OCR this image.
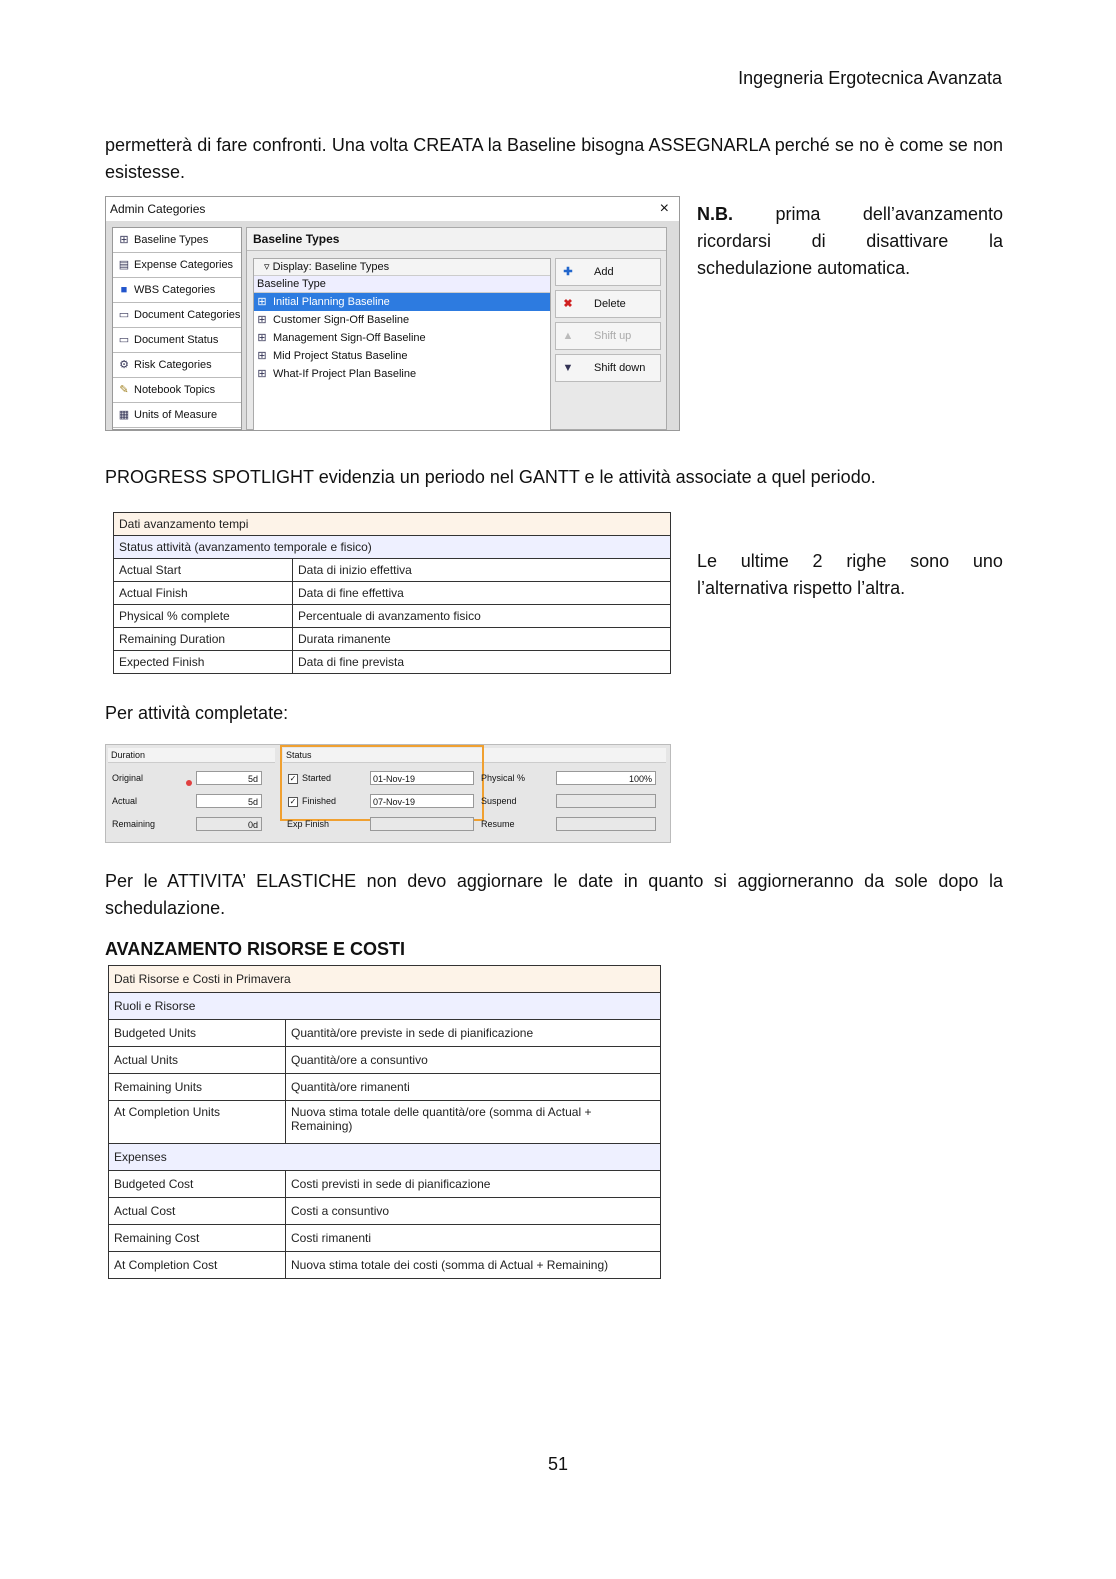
Ingegneria Ergotecnica Avanzata
permetterà di fare confronti. Una volta CREATA la Baseline bisogna ASSEGNARLA perché se no è come se non esistesse.
Admin Categories	×
⊞ Baseline Types
▤ Expense Categories
■ WBS Categories
▭ Document Categories
▭ Document Status
⚙ Risk Categories
✎ Notebook Topics
▦ Units of Measure
Baseline Types
▿ Display: Baseline Types
Baseline Type
⊞ Initial Planning Baseline
⊞ Customer Sign-Off Baseline
⊞ Management Sign-Off Baseline
⊞ Mid Project Status Baseline
⊞ What-If Project Plan Baseline
✚ Add
✖ Delete
▲ Shift up
▼ Shift down
N.B. prima dell’avanzamento
ricordarsi di disattivare la
schedulazione automatica.
PROGRESS SPOTLIGHT evidenzia un periodo nel GANTT e le attività associate a quel periodo.
Dati avanzamento tempi	
Status attività (avanzamento temporale e fisico)	
Actual Start	Data di inizio effettiva
Actual Finish	Data di fine effettiva
Physical % complete	Percentuale di avanzamento fisico
Remaining Duration	Durata rimanente
Expected Finish	Data di fine prevista
Le ultime 2 righe sono uno
l’alternativa rispetto l’altra.
Per attività completate:
Duration	Status
Original	5d
Actual	5d
Remaining	0d
✓ Started	01-Nov-19
✓ Finished	07-Nov-19
Exp Finish
Physical %	100%
Suspend
Resume
Per le ATTIVITA’ ELASTICHE non devo aggiornare le date in quanto si aggiorneranno da sole dopo la schedulazione.
AVANZAMENTO RISORSE E COSTI
Dati Risorse e Costi in Primavera	
Ruoli e Risorse	
Budgeted Units	Quantità/ore previste in sede di pianificazione
Actual Units	Quantità/ore a consuntivo
Remaining Units	Quantità/ore rimanenti
At Completion Units	Nuova stima totale delle quantità/ore (somma di Actual + Remaining)
Expenses	
Budgeted Cost	Costi previsti in sede di pianificazione
Actual Cost	Costi a consuntivo
Remaining Cost	Costi rimanenti
At Completion Cost	Nuova stima totale dei costi (somma di Actual + Remaining)
51
